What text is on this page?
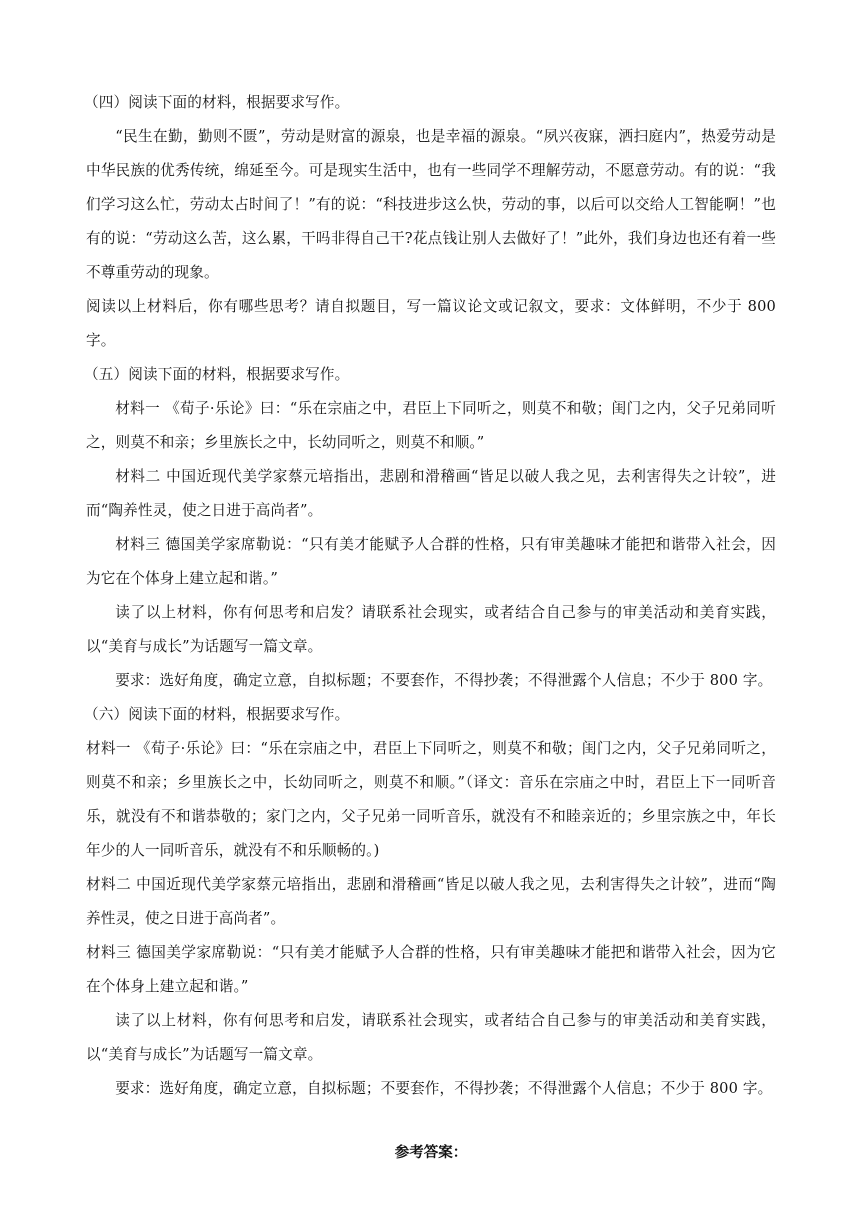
（四）阅读下面的材料，根据要求写作。

“民生在勤，勤则不匮”，劳动是财富的源泉，也是幸福的源泉。“夙兴夜寐，洒扫庭内”，热爱劳动是中华民族的优秀传统，绵延至今。可是现实生活中，也有一些同学不理解劳动，不愿意劳动。有的说：“我们学习这么忙，劳动太占时间了！”有的说：“科技进步这么快，劳动的事，以后可以交给人工智能啊！”也有的说：“劳动这么苦，这么累，干吗非得自己干?花点钱让别人去做好了！”此外，我们身边也还有着一些不尊重劳动的现象。

阅读以上材料后，你有哪些思考？请自拟题目，写一篇议论文或记叙文，要求：文体鲜明，不少于 800 字。

（五）阅读下面的材料，根据要求写作。

材料一 《荀子·乐论》曰：“乐在宗庙之中，君臣上下同听之，则莫不和敬；闺门之内，父子兄弟同听之，则莫不和亲；乡里族长之中，长幼同听之，则莫不和顺。”

材料二 中国近现代美学家蔡元培指出，悲剧和滑稽画“皆足以破人我之见，去利害得失之计较”，进而“陶养性灵，使之日进于高尚者”。

材料三 德国美学家席勒说：“只有美才能赋予人合群的性格，只有审美趣味才能把和谐带入社会，因为它在个体身上建立起和谐。”

读了以上材料，你有何思考和启发？请联系社会现实，或者结合自己参与的审美活动和美育实践，以“美育与成长”为话题写一篇文章。

要求：选好角度，确定立意，自拟标题；不要套作，不得抄袭；不得泄露个人信息；不少于 800 字。

（六）阅读下面的材料，根据要求写作。

材料一 《荀子·乐论》曰：“乐在宗庙之中，君臣上下同听之，则莫不和敬；闺门之内，父子兄弟同听之，则莫不和亲；乡里族长之中，长幼同听之，则莫不和顺。”（译文：音乐在宗庙之中时，君臣上下一同听音乐，就没有不和谐恭敬的；家门之内，父子兄弟一同听音乐，就没有不和睦亲近的；乡里宗族之中，年长年少的人一同听音乐，就没有不和乐顺畅的。)

材料二 中国近现代美学家蔡元培指出，悲剧和滑稽画“皆足以破人我之见，去利害得失之计较”，进而“陶养性灵，使之日进于高尚者”。

材料三 德国美学家席勒说：“只有美才能赋予人合群的性格，只有审美趣味才能把和谐带入社会，因为它在个体身上建立起和谐。”

读了以上材料，你有何思考和启发，请联系社会现实，或者结合自己参与的审美活动和美育实践，以“美育与成长”为话题写一篇文章。

要求：选好角度，确定立意，自拟标题；不要套作，不得抄袭；不得泄露个人信息；不少于 800 字。

参考答案：
